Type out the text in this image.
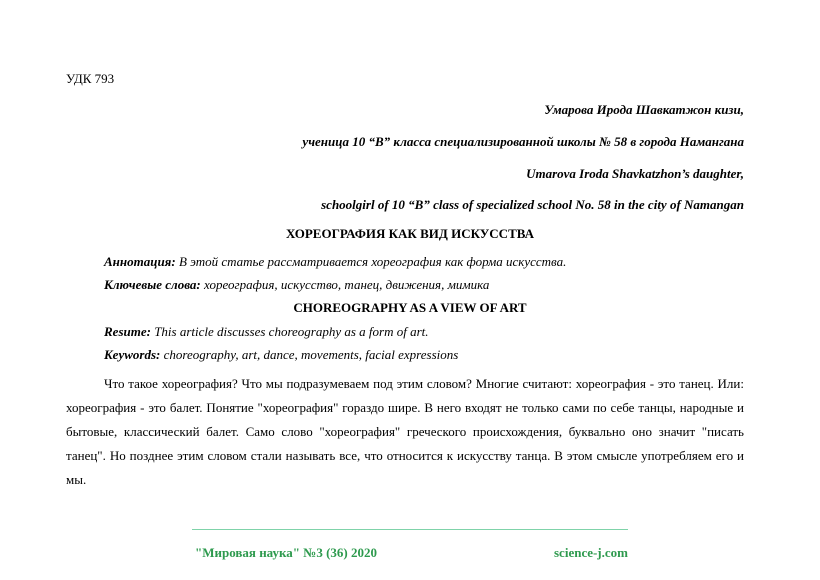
УДК 793
Умарова Ирода Шавкатжон кизи,
ученица 10 “В” класса специализированной школы № 58 в города Наманганa
Umarova Iroda Shavkatzhon’s daughter,
schoolgirl of 10 “B” class of specialized school No. 58 in the city of Namangan
ХОРЕОГРАФИЯ КАК ВИД ИСКУССТВА
Аннотация: В этой статье рассматривается хореография как форма искусства.
Ключевые слова: хореография, искусство, танец, движения, мимика
CHOREOGRAPHY AS A VIEW OF ART
Resume: This article discusses choreography as a form of art.
Keywords: choreography, art, dance, movements, facial expressions
Что такое хореография? Что мы подразумеваем под этим словом? Многие считают: хореография - это танец. Или: хореография - это балет. Понятие "хореография" гораздо шире. В него входят не только сами по себе танцы, народные и бытовые, классический балет. Само слово "хореография" греческого происхождения, буквально оно значит "писать танец". Но позднее этим словом стали называть все, что относится к искусству танца. В этом смысле употребляем его и мы.
"Мировая наука" №3 (36) 2020	science-j.com
